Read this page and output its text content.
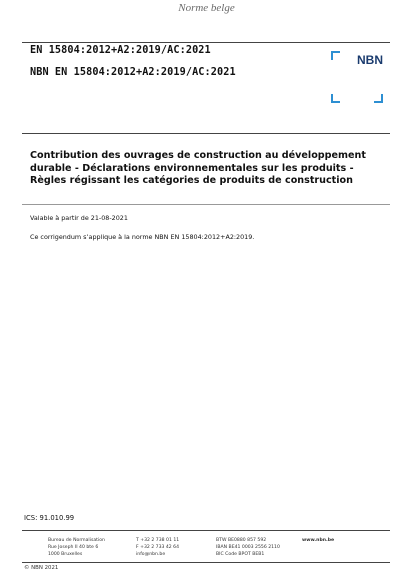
Norme belge
EN 15804:2012+A2:2019/AC:2021
NBN EN 15804:2012+A2:2019/AC:2021
NBN
Contribution des ouvrages de construction au développement
durable - Déclarations environnementales sur les produits -
Règles régissant les catégories de produits de construction
Valable à partir de 21-08-2021
Ce corrigendum s’applique à la norme NBN EN 15804:2012+A2:2019.
ICS: 91.010.99
Bureau de Normalisation
Rue Joseph II 40 bte 6
1000 Bruxelles
T +32 2 738 01 11
F +32 2 733 42 64
info@nbn.be
BTW BE0880 857 592
IBAN BE41 0003 2556 2110
BIC Code BPOT BEB1
www.nbn.be
© NBN 2021
